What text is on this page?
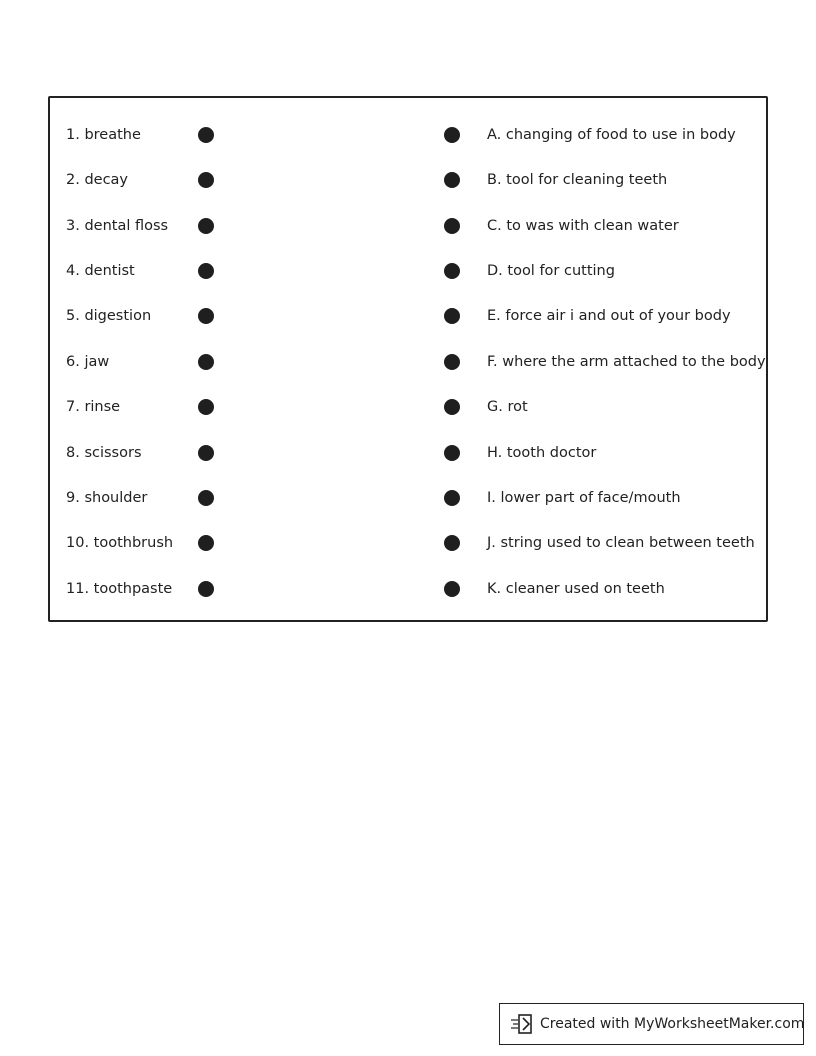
1. breathe	A. changing of food to use in body
2. decay	B. tool for cleaning teeth
3. dental floss	C. to was with clean water
4. dentist	D. tool for cutting
5. digestion	E. force air i and out of your body
6. jaw	F. where the arm attached to the body
7. rinse	G. rot
8. scissors	H. tooth doctor
9. shoulder	I. lower part of face/mouth
10. toothbrush	J. string used to clean between teeth
11. toothpaste	K. cleaner used on teeth
Created with MyWorksheetMaker.com
